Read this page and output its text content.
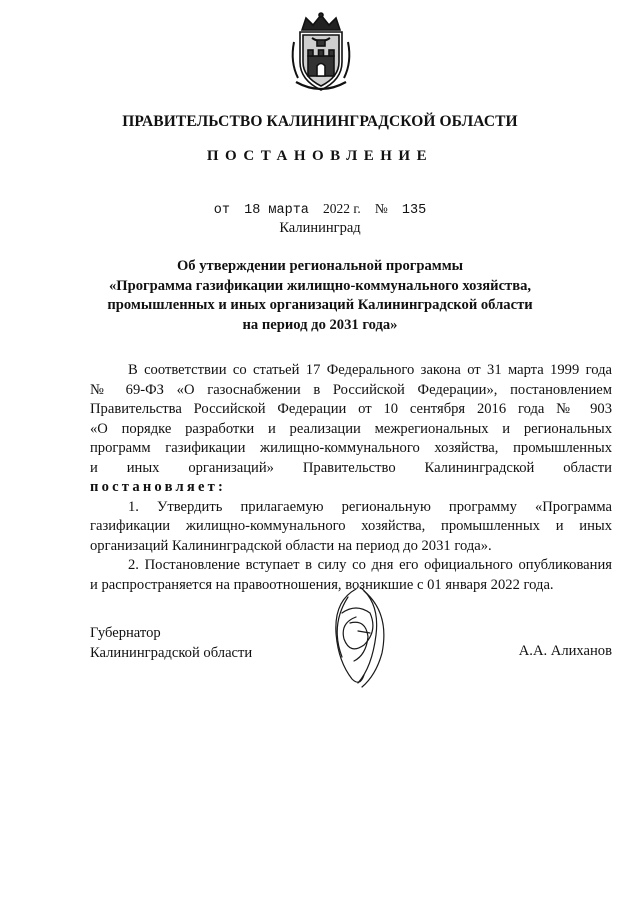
ПРАВИТЕЛЬСТВО КАЛИНИНГРАДСКОЙ ОБЛАСТИ
ПОСТАНОВЛЕНИЕ
от 18 марта 2022 г. № 135
Калининград
Об утверждении региональной программы
«Программа газификации жилищно-коммунального хозяйства,
промышленных и иных организаций Калининградской области
на период до 2031 года»
В соответствии со статьей 17 Федерального закона от 31 марта 1999 года
№ 69-ФЗ «О газоснабжении в Российской Федерации», постановлением
Правительства Российской Федерации от 10 сентября 2016 года № 903
«О порядке разработки и реализации межрегиональных и региональных
программ газификации жилищно-коммунального хозяйства, промышленных
и иных организаций» Правительство Калининградской области
постановляет:
1. Утвердить прилагаемую региональную программу «Программа
газификации жилищно-коммунального хозяйства, промышленных и иных
организаций Калининградской области на период до 2031 года».
2. Постановление вступает в силу со дня его официального опубликования
и распространяется на правоотношения, возникшие с 01 января 2022 года.
Губернатор
Калининградской области	А.А. Алиханов
